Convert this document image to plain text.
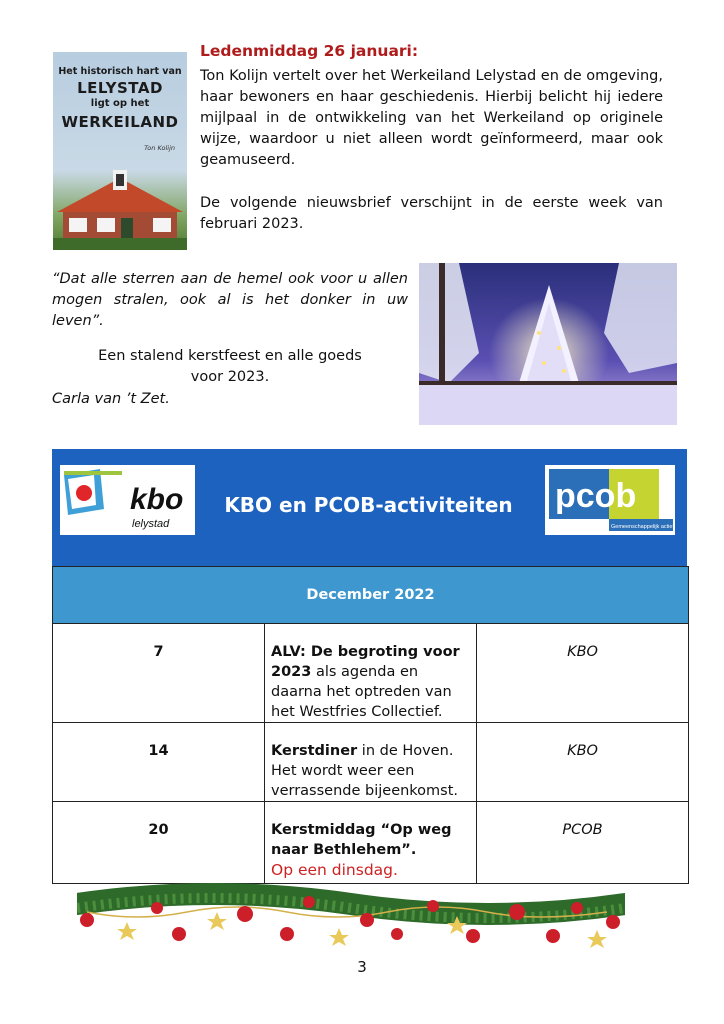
Het historisch hart van
LELYSTAD
ligt op het
WERKEILAND
Ton Kolijn
Ledenmiddag 26 januari:
Ton Kolijn vertelt over het Werkeiland Lelystad en de omgeving, haar bewoners en haar geschiedenis. Hierbij belicht hij iedere mijlpaal in de ontwikkeling van het Werkeiland op originele wijze, waardoor u niet alleen wordt geïnformeerd, maar ook geamuseerd.
De volgende nieuwsbrief verschijnt in de eerste week van februari 2023.
“Dat alle sterren aan de hemel ook voor u allen mogen stralen, ook al is het donker in uw leven”.
Een stalend kerstfeest en alle goeds
voor 2023.
Carla van ’t Zet.
kbo
lelystad
KBO en PCOB-activiteiten	pcob
Gemeenschappelijk actief
December 2022		

7	ALV: De begroting voor 2023 als agenda en daarna het optreden van het Westfries Collectief.	KBO

14	Kerstdiner in de Hoven.
Het wordt weer een verrassende bijeenkomst.	KBO

20	Kerstmiddag “Op weg naar Bethlehem”.
Op een dinsdag.	PCOB
3
